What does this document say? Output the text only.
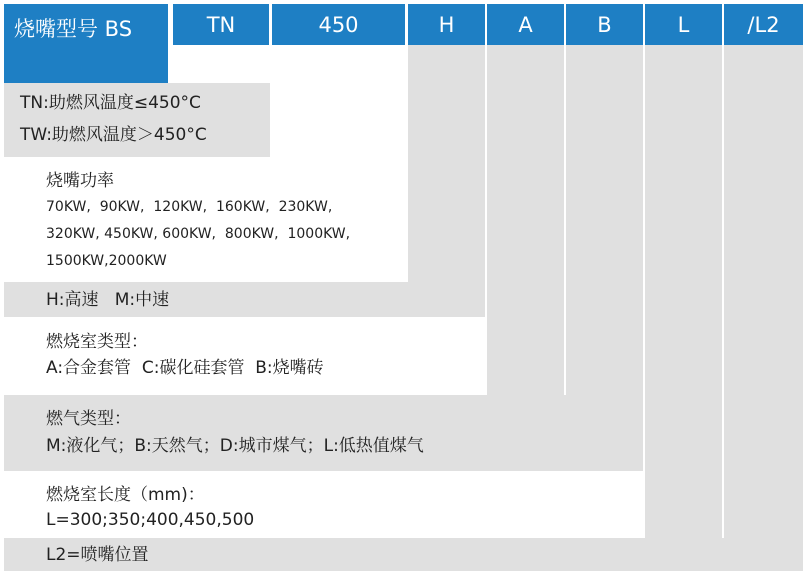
烧嘴型号 BS	TN	450	H	A	B	L	/L2
TN:助燃风温度≤450°C
TW:助燃风温度＞450°C
烧嘴功率
70KW,  90KW,  120KW,  160KW,  230KW,
320KW, 450KW, 600KW,  800KW,  1000KW,
1500KW,2000KW
H:高速   M:中速
燃烧室类型：
A:合金套管  C:碳化硅套管  B:烧嘴砖
燃气类型：
M:液化气；B:天然气；D:城市煤气；L:低热值煤气
燃烧室长度（mm)：
L=300;350;400,450,500
L2=喷嘴位置
